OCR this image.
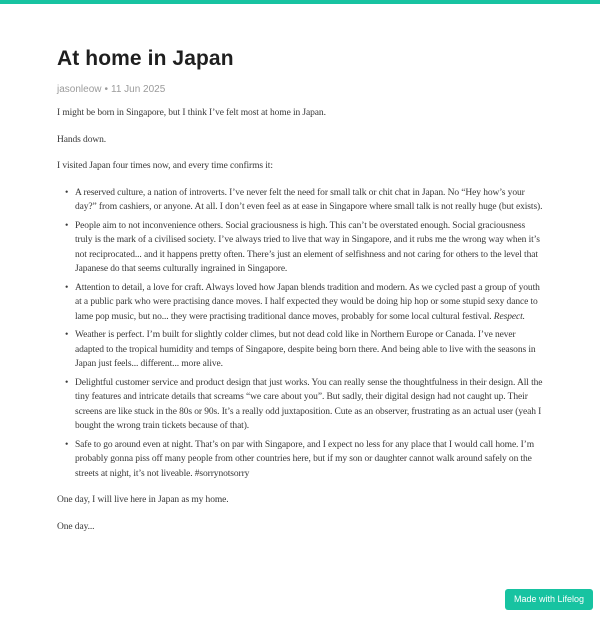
At home in Japan
jasonleow • 11 Jun 2025

I might be born in Singapore, but I think I’ve felt most at home in Japan.

Hands down.

I visited Japan four times now, and every time confirms it:

• A reserved culture, a nation of introverts. I’ve never felt the need for small talk or chit chat in Japan. No “Hey how’s your day?” from cashiers, or anyone. At all. I don’t even feel as at ease in Singapore where small talk is not really huge (but exists).
• People aim to not inconvenience others. Social graciousness is high. This can’t be overstated enough. Social graciousness truly is the mark of a civilised society. I’ve always tried to live that way in Singapore, and it rubs me the wrong way when it’s not reciprocated... and it happens pretty often. There’s just an element of selfishness and not caring for others to the level that Japanese do that seems culturally ingrained in Singapore.
• Attention to detail, a love for craft. Always loved how Japan blends tradition and modern. As we cycled past a group of youth at a public park who were practising dance moves. I half expected they would be doing hip hop or some stupid sexy dance to lame pop music, but no... they were practising traditional dance moves, probably for some local cultural festival. Respect.
• Weather is perfect. I’m built for slightly colder climes, but not dead cold like in Northern Europe or Canada. I’ve never adapted to the tropical humidity and temps of Singapore, despite being born there. And being able to live with the seasons in Japan just feels... different... more alive.
• Delightful customer service and product design that just works. You can really sense the thoughtfulness in their design. All the tiny features and intricate details that screams “we care about you”. But sadly, their digital design had not caught up. Their screens are like stuck in the 80s or 90s. It’s a really odd juxtaposition. Cute as an observer, frustrating as an actual user (yeah I bought the wrong train tickets because of that).
• Safe to go around even at night. That’s on par with Singapore, and I expect no less for any place that I would call home. I’m probably gonna piss off many people from other countries here, but if my son or daughter cannot walk around safely on the streets at night, it’s not liveable. #sorrynotsorry

One day, I will live here in Japan as my home.

One day...

Made with Lifelog
